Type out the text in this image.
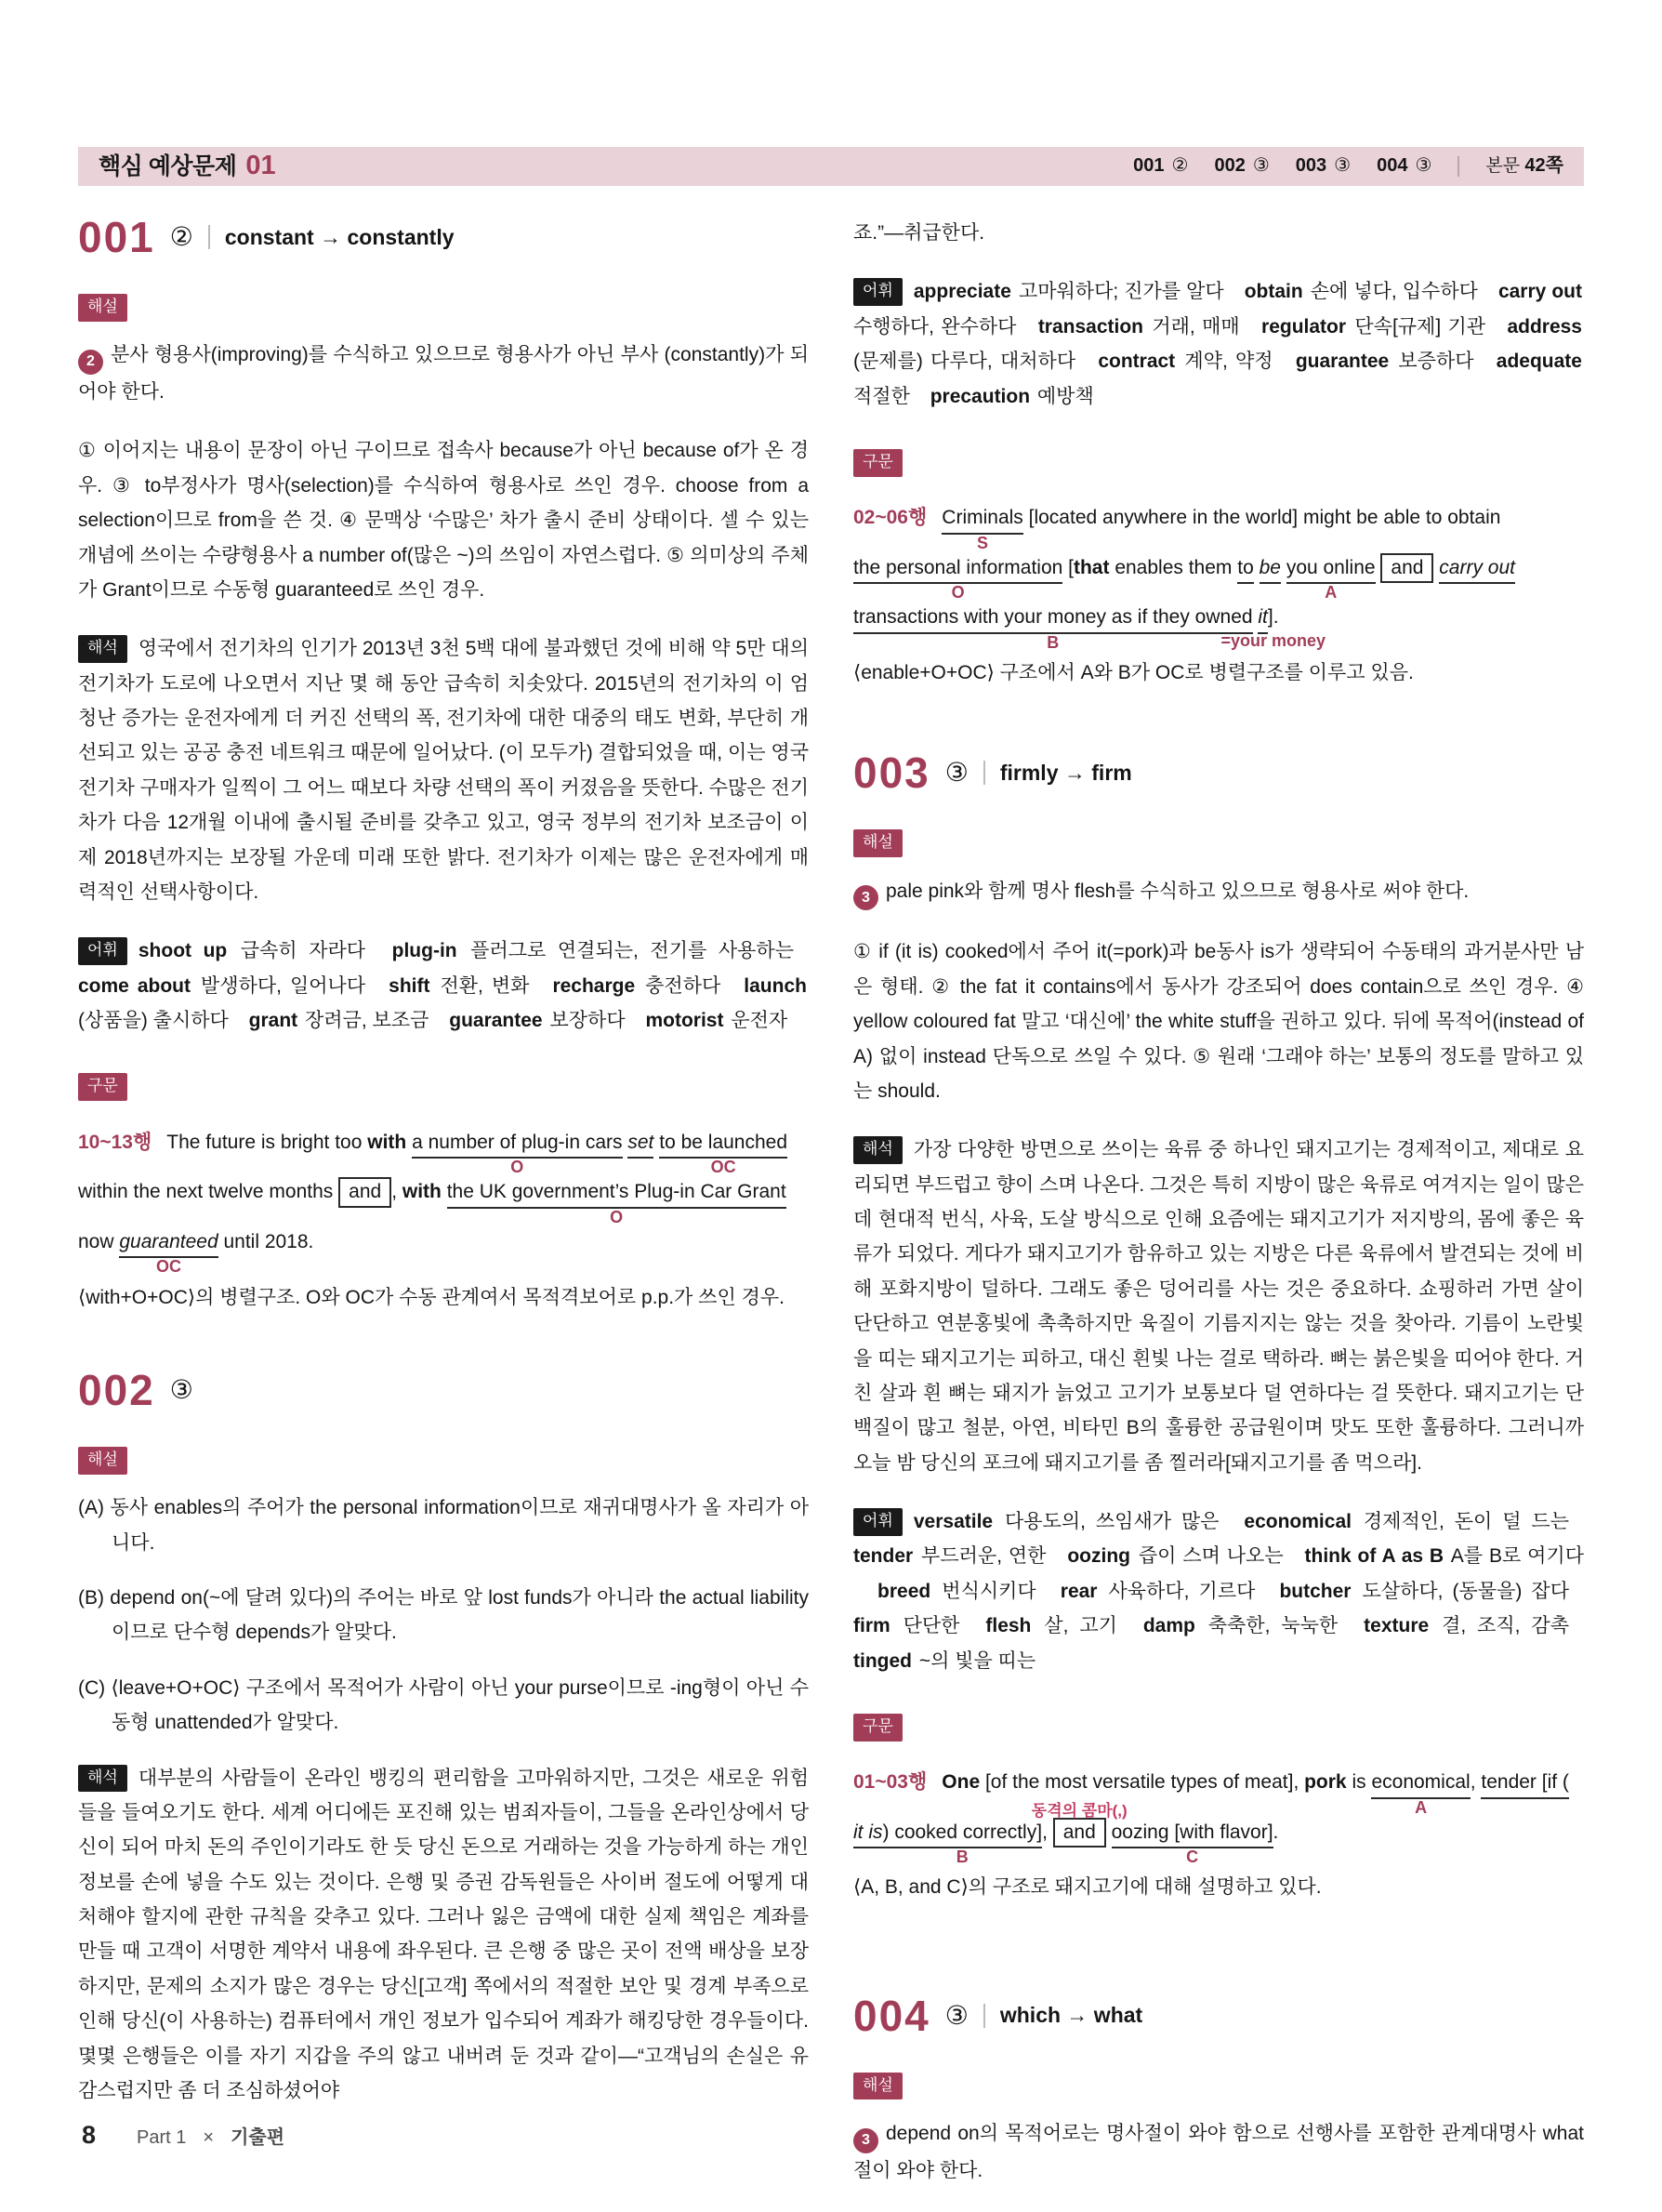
핵심 예상문제 01	001 ② 002 ③ 003 ③ 004 ③	본문 42쪽
001 ② constant → constantly
해설

2 분사 형용사(improving)를 수식하고 있으므로 형용사가 아닌 부사 (constantly)가 되어야 한다.

① 이어지는 내용이 문장이 아닌 구이므로 접속사 because가 아닌 because of가 온 경우. ③ to부정사가 명사(selection)를 수식하여 형용사로 쓰인 경우. choose from a selection이므로 from을 쓴 것. ④ 문맥상 ‘수많은’ 차가 출시 준비 상태이다. 셀 수 있는 개념에 쓰이는 수량형용사 a number of(많은 ~)의 쓰임이 자연스럽다. ⑤ 의미상의 주체가 Grant이므로 수동형 guaranteed로 쓰인 경우.

해석 영국에서 전기차의 인기가 2013년 3천 5백 대에 불과했던 것에 비해 약 5만 대의 전기차가 도로에 나오면서 지난 몇 해 동안 급속히 치솟았다. 2015년의 전기차의 이 엄청난 증가는 운전자에게 더 커진 선택의 폭, 전기차에 대한 대중의 태도 변화, 부단히 개선되고 있는 공공 충전 네트워크 때문에 일어났다. (이 모두가) 결합되었을 때, 이는 영국 전기차 구매자가 일찍이 그 어느 때보다 차량 선택의 폭이 커졌음을 뜻한다. 수많은 전기차가 다음 12개월 이내에 출시될 준비를 갖추고 있고, 영국 정부의 전기차 보조금이 이제 2018년까지는 보장될 가운데 미래 또한 밝다. 전기차가 이제는 많은 운전자에게 매력적인 선택사항이다.

어휘 shoot up 급속히 자라다 plug-in 플러그로 연결되는, 전기를 사용하는 come about 발생하다, 일어나다 shift 전환, 변화 recharge 충전하다 launch (상품을) 출시하다 grant 장려금, 보조금 guarantee 보장하다 motorist 운전자

구문
10~13행 The future is bright too with a number of plug-in cars
O
set to be launched
OC
within the next twelve months and , with the UK government’s Plug-in Car Grant
O
now guaranteed
OC
until 2018.

⟨with+O+OC⟩의 병렬구조. O와 OC가 수동 관계여서 목적격보어로 p.p.가 쓰인 경우.

002 ③
해설

(A) 동사 enables의 주어가 the personal information이므로 재귀대명사가 올 자리가 아니다.

(B) depend on(~에 달려 있다)의 주어는 바로 앞 lost funds가 아니라 the actual liability이므로 단수형 depends가 알맞다.

(C) ⟨leave+O+OC⟩ 구조에서 목적어가 사람이 아닌 your purse이므로 -ing형이 아닌 수동형 unattended가 알맞다.

해석 대부분의 사람들이 온라인 뱅킹의 편리함을 고마워하지만, 그것은 새로운 위험들을 들여오기도 한다. 세계 어디에든 포진해 있는 범죄자들이, 그들을 온라인상에서 당신이 되어 마치 돈의 주인이기라도 한 듯 당신 돈으로 거래하는 것을 가능하게 하는 개인 정보를 손에 넣을 수도 있는 것이다. 은행 및 증권 감독원들은 사이버 절도에 어떻게 대처해야 할지에 관한 규칙을 갖추고 있다. 그러나 잃은 금액에 대한 실제 책임은 계좌를 만들 때 고객이 서명한 계약서 내용에 좌우된다. 큰 은행 중 많은 곳이 전액 배상을 보장하지만, 문제의 소지가 많은 경우는 당신[고객] 쪽에서의 적절한 보안 및 경계 부족으로 인해 당신(이 사용하는) 컴퓨터에서 개인 정보가 입수되어 계좌가 해킹당한 경우들이다. 몇몇 은행들은 이를 자기 지갑을 주의 않고 내버려 둔 것과 같이—“고객님의 손실은 유감스럽지만 좀 더 조심하셨어야

죠.”—취급한다.

어휘 appreciate 고마워하다; 진가를 알다 obtain 손에 넣다, 입수하다 carry out 수행하다, 완수하다 transaction 거래, 매매 regulator 단속[규제] 기관 address (문제를) 다루다, 대처하다 contract 계약, 약정 guarantee 보증하다 adequate 적절한 precaution 예방책

구문
02~06행 Criminals
S
[located anywhere in the world] might be able to obtain the personal information
O
[that enables them to be you online
A
and carry out transactions with your money as if they owned
B
it].
=your money

⟨enable+O+OC⟩ 구조에서 A와 B가 OC로 병렬구조를 이루고 있음.

003 ③ firmly → firm
해설

3 pale pink와 함께 명사 flesh를 수식하고 있으므로 형용사로 써야 한다.

① if (it is) cooked에서 주어 it(=pork)과 be동사 is가 생략되어 수동태의 과거분사만 남은 형태. ② the fat it contains에서 동사가 강조되어 does contain으로 쓰인 경우. ④ yellow coloured fat 말고 ‘대신에’ the white stuff을 권하고 있다. 뒤에 목적어(instead of A) 없이 instead 단독으로 쓰일 수 있다. ⑤ 원래 ‘그래야 하는’ 보통의 정도를 말하고 있는 should.

해석 가장 다양한 방면으로 쓰이는 육류 중 하나인 돼지고기는 경제적이고, 제대로 요리되면 부드럽고 향이 스며 나온다. 그것은 특히 지방이 많은 육류로 여겨지는 일이 많은데 현대적 번식, 사육, 도살 방식으로 인해 요즘에는 돼지고기가 저지방의, 몸에 좋은 육류가 되었다. 게다가 돼지고기가 함유하고 있는 지방은 다른 육류에서 발견되는 것에 비해 포화지방이 덜하다. 그래도 좋은 덩어리를 사는 것은 중요하다. 쇼핑하러 가면 살이 단단하고 연분홍빛에 촉촉하지만 육질이 기름지지는 않는 것을 찾아라. 기름이 노란빛을 띠는 돼지고기는 피하고, 대신 흰빛 나는 걸로 택하라. 뼈는 붉은빛을 띠어야 한다. 거친 살과 흰 뼈는 돼지가 늙었고 고기가 보통보다 덜 연하다는 걸 뜻한다. 돼지고기는 단백질이 많고 철분, 아연, 비타민 B의 훌륭한 공급원이며 맛도 또한 훌륭하다. 그러니까 오늘 밤 당신의 포크에 돼지고기를 좀 찔러라[돼지고기를 좀 먹으라].

어휘 versatile 다용도의, 쓰임새가 많은 economical 경제적인, 돈이 덜 드는 tender 부드러운, 연한 oozing 즙이 스며 나오는 think of A as B A를 B로 여기다 breed 번식시키다 rear 사육하다, 기르다 butcher 도살하다, (동물을) 잡다 firm 단단한 flesh 살, 고기 damp 축축한, 눅눅한 texture 결, 조직, 감촉 tinged ~의 빛을 띠는

구문
01~03행 One [of the most versatile types of meat], pork is economical
A
, tender [if (it is) cooked correctly]
B
, and
동격의 콤마(,)
oozing [with flavor]
C
.

⟨A, B, and C⟩의 구조로 돼지고기에 대해 설명하고 있다.

004 ③ which → what
해설

3 depend on의 목적어로는 명사절이 와야 함으로 선행사를 포함한 관계대명사 what절이 와야 한다.

8 Part 1 × 기출편
